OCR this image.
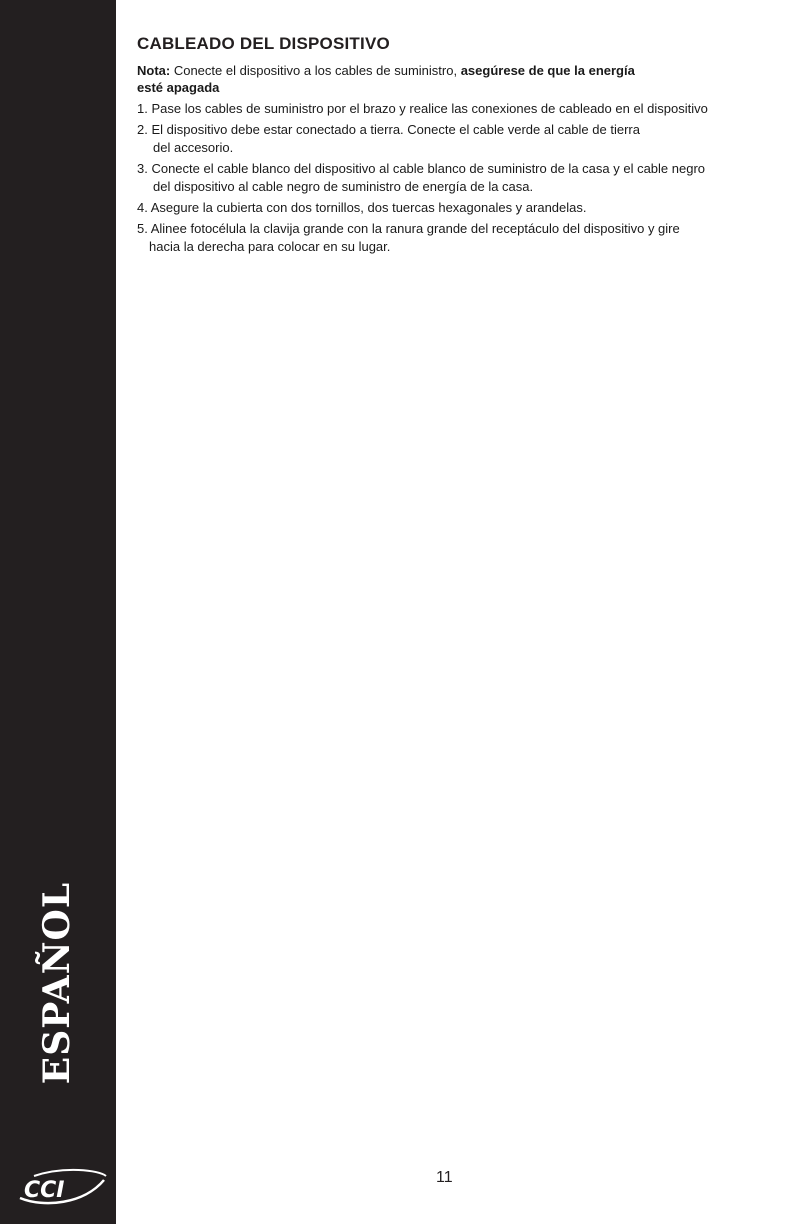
ESPAÑOL
CCI
CABLEADO DEL DISPOSITIVO

Nota: Conecte el dispositivo a los cables de suministro, asegúrese de que la energía
esté apagada

1. Pase los cables de suministro por el brazo y realice las conexiones de cableado en el dispositivo
2. El dispositivo debe estar conectado a tierra. Conecte el cable verde al cable de tierra
del accesorio.
3. Conecte el cable blanco del dispositivo al cable blanco de suministro de la casa y el cable negro
del dispositivo al cable negro de suministro de energía de la casa.
4. Asegure la cubierta con dos tornillos, dos tuercas hexagonales y arandelas.
5. Alinee fotocélula la clavija grande con la ranura grande del receptáculo del dispositivo y gire
hacia la derecha para colocar en su lugar.
11
